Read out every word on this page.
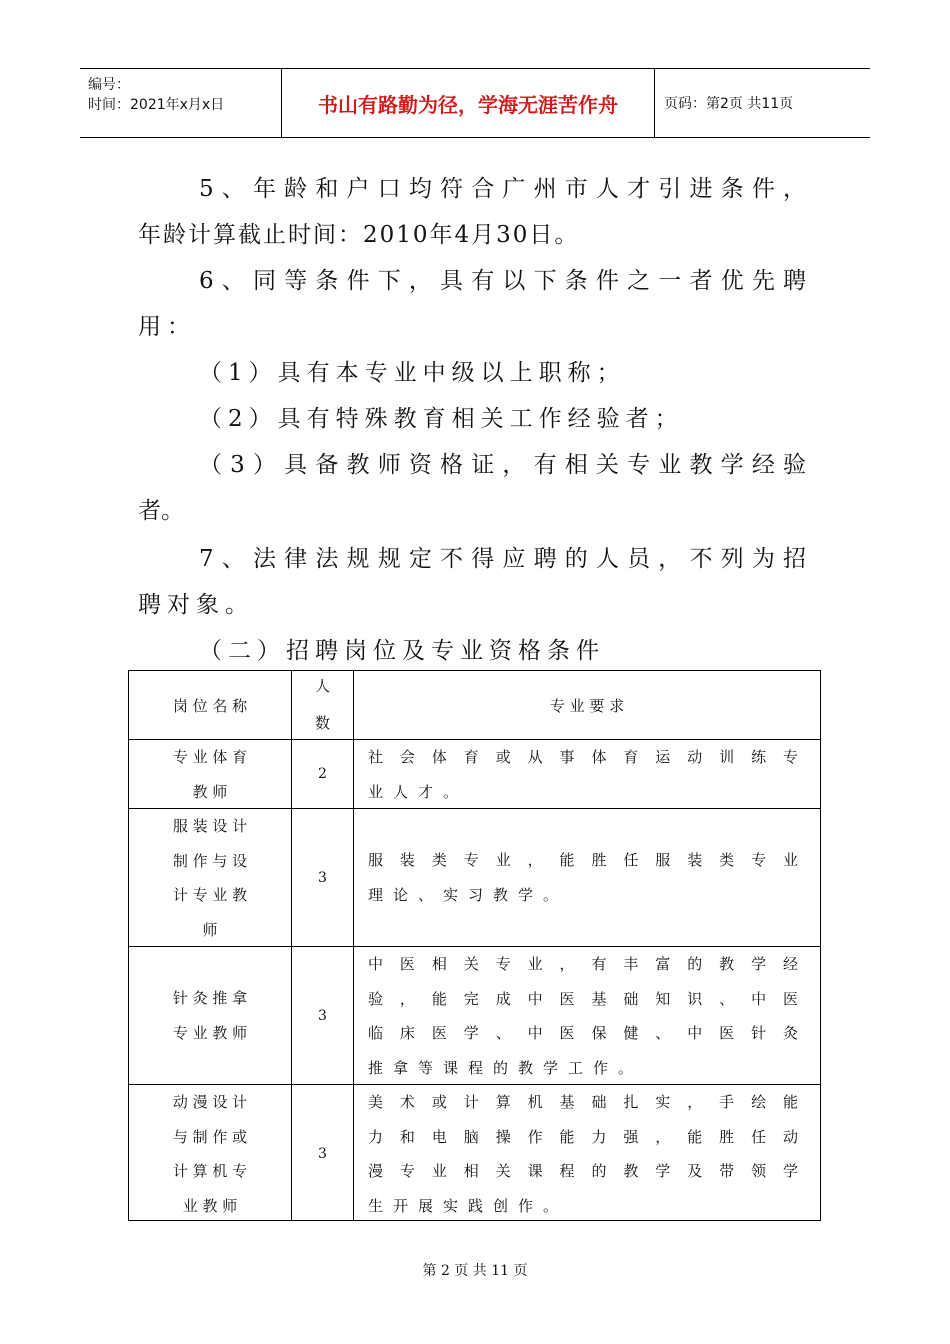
编号：
时间：2021年x月x日	书山有路勤为径，学海无涯苦作舟	页码：第2页 共11页
5、年龄和户口均符合广州市人才引进条件，
年龄计算截止时间：2010年4月30日。
6、同等条件下，具有以下条件之一者优先聘
用：
（1）具有本专业中级以上职称；
（2）具有特殊教育相关工作经验者；
（3）具备教师资格证，有相关专业教学经验
者。
7、法律法规规定不得应聘的人员，不列为招
聘对象。
（二）招聘岗位及专业资格条件
岗 位 名 称
人
数
专 业 要 求
专 业 体 育
教 师
2
社会体育或从事体育运动训练专
业人才。
服 装 设 计
制 作 与 设
计 专 业 教
师
3
服装类专业，能胜任服装类专业
理论、实习教学。
针 灸 推 拿
专 业 教 师
3
中医相关专业，有丰富的教学经
验，能完成中医基础知识、中医
临床医学、中医保健、中医针灸
推拿等课程的教学工作。
动 漫 设 计
与 制 作 或
计 算 机 专
业 教 师
3
美术或计算机基础扎实，手绘能
力和电脑操作能力强，能胜任动
漫专业相关课程的教学及带领学
生开展实践创作。
第 2 页 共 11 页
